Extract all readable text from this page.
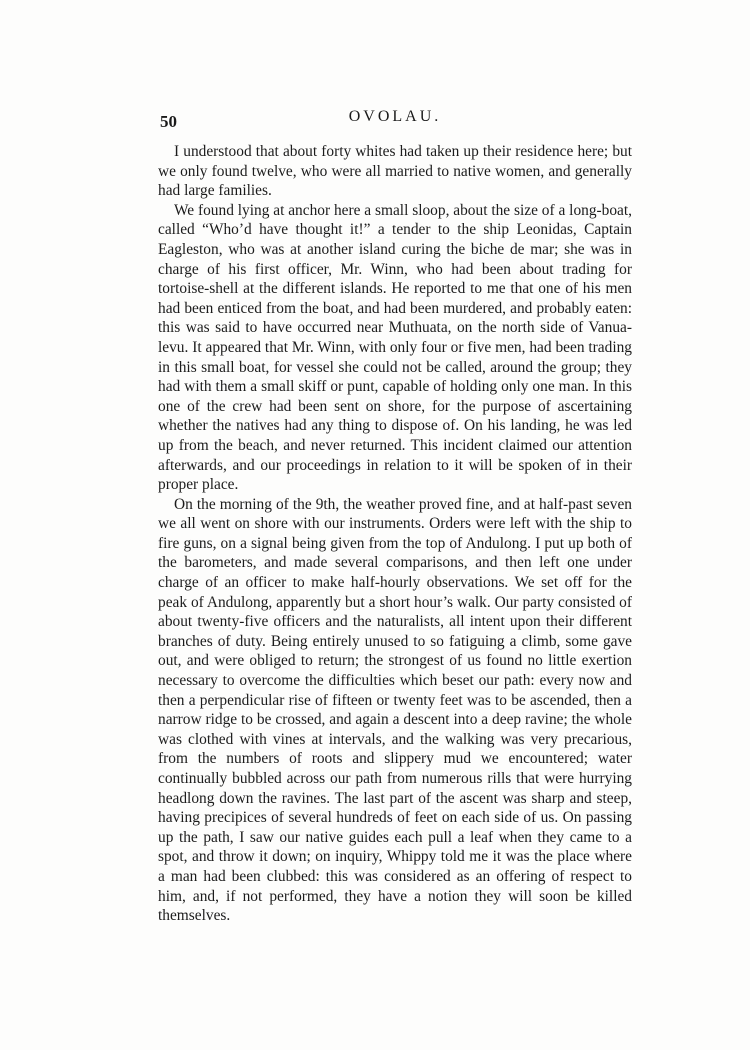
50	OVOLAU.

I understood that about forty whites had taken up their residence here; but we only found twelve, who were all married to native women, and generally had large families.

We found lying at anchor here a small sloop, about the size of a long-boat, called “Who’d have thought it!” a tender to the ship Leonidas, Captain Eagleston, who was at another island curing the biche de mar; she was in charge of his first officer, Mr. Winn, who had been about trading for tortoise-shell at the different islands. He reported to me that one of his men had been enticed from the boat, and had been murdered, and probably eaten: this was said to have occurred near Muthuata, on the north side of Vanua-levu. It appeared that Mr. Winn, with only four or five men, had been trading in this small boat, for vessel she could not be called, around the group; they had with them a small skiff or punt, capable of holding only one man. In this one of the crew had been sent on shore, for the purpose of ascertaining whether the natives had any thing to dispose of. On his landing, he was led up from the beach, and never returned. This incident claimed our attention afterwards, and our proceedings in relation to it will be spoken of in their proper place.

On the morning of the 9th, the weather proved fine, and at half-past seven we all went on shore with our instruments. Orders were left with the ship to fire guns, on a signal being given from the top of Andulong. I put up both of the barometers, and made several comparisons, and then left one under charge of an officer to make half-hourly observations. We set off for the peak of Andulong, apparently but a short hour’s walk. Our party consisted of about twenty-five officers and the naturalists, all intent upon their different branches of duty. Being entirely unused to so fatiguing a climb, some gave out, and were obliged to return; the strongest of us found no little exertion necessary to overcome the difficulties which beset our path: every now and then a perpendicular rise of fifteen or twenty feet was to be ascended, then a narrow ridge to be crossed, and again a descent into a deep ravine; the whole was clothed with vines at intervals, and the walking was very precarious, from the numbers of roots and slippery mud we encountered; water continually bubbled across our path from numerous rills that were hurrying headlong down the ravines. The last part of the ascent was sharp and steep, having precipices of several hundreds of feet on each side of us. On passing up the path, I saw our native guides each pull a leaf when they came to a spot, and throw it down; on inquiry, Whippy told me it was the place where a man had been clubbed: this was considered as an offering of respect to him, and, if not performed, they have a notion they will soon be killed themselves.
